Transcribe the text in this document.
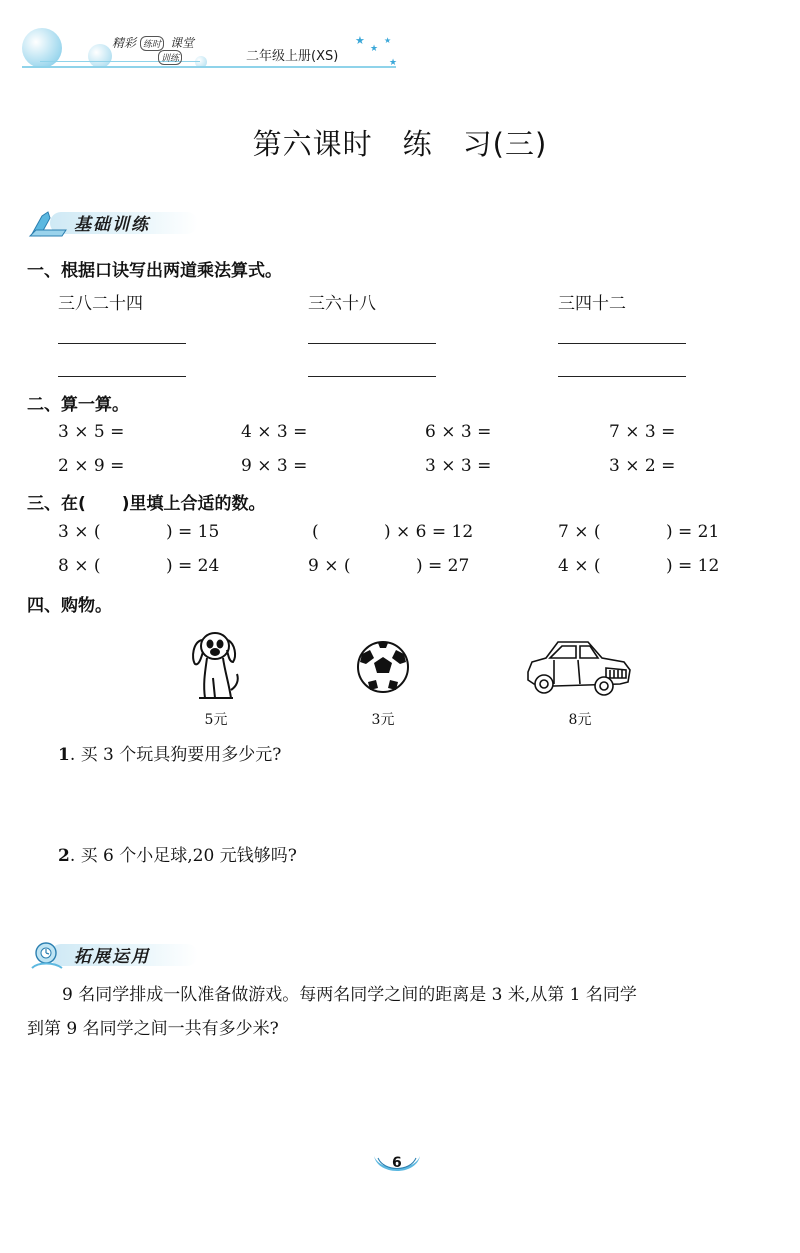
精彩 练时 课堂
训练	二年级上册(XS)
★
★
★
★
第六课时　练　习(三)
基础训练
一、根据口诀写出两道乘法算式。
三八二十四	三六十八	三四十二
二、算一算。
3 × 5 =	4 × 3 =	6 × 3 =	7 × 3 =
2 × 9 =	9 × 3 =	3 × 3 =	3 × 2 =
三、在( )里填上合适的数。
3 × (	) = 15	(	) × 6 = 12	7 × (	) = 21
8 × (	) = 24	9 × (	) = 27	4 × (	) = 12
四、购物。
5元	3元	8元
1. 买 3 个玩具狗要用多少元?
2. 买 6 个小足球,20 元钱够吗?
拓展运用
9 名同学排成一队准备做游戏。每两名同学之间的距离是 3 米,从第 1 名同学
到第 9 名同学之间一共有多少米?
6
